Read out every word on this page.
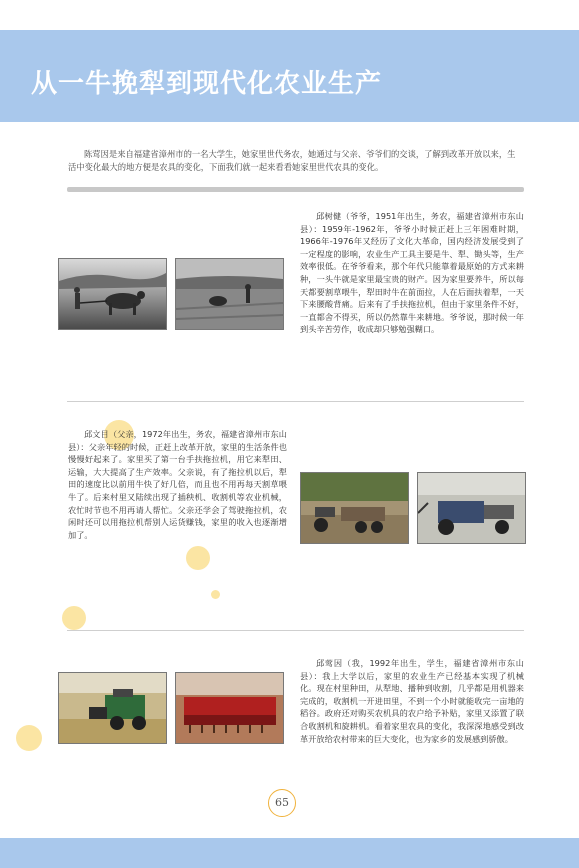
从一牛挽犁到现代化农业生产
陈莺因是来自福建省漳州市的一名大学生，她家里世代务农，她通过与父亲、爷爷们的交谈，了解到改革开放以来，生活中变化最大的地方便是农具的变化，下面我们就一起来看看她家里世代农具的变化。
邱树健（爷爷，1951年出生，务农，福建省漳州市东山县）：1959年-1962年，爷爷小时候正赶上三年困难时期，1966年-1976年又经历了文化大革命，国内经济发展受到了一定程度的影响，农业生产工具主要是牛、犁、锄头等，生产效率很低。在爷爷看来，那个年代只能靠着最原始的方式来耕种，一头牛就是家里最宝贵的财产。因为家里要养牛，所以每天都要割草喂牛，犁田时牛在前面拉，人在后面扶着犁，一天下来腰酸背痛。后来有了手扶拖拉机，但由于家里条件不好，一直都舍不得买，所以仍然靠牛来耕地。爷爷说，那时候一年到头辛苦劳作，收成却只够勉强糊口。
邱文目（父亲，1972年出生，务农，福建省漳州市东山县）：父亲年轻的时候，正赶上改革开放，家里的生活条件也慢慢好起来了。家里买了第一台手扶拖拉机，用它来犁田、运输，大大提高了生产效率。父亲说，有了拖拉机以后，犁田的速度比以前用牛快了好几倍，而且也不用再每天割草喂牛了。后来村里又陆续出现了插秧机、收割机等农业机械，农忙时节也不用再请人帮忙。父亲还学会了驾驶拖拉机，农闲时还可以用拖拉机帮别人运货赚钱，家里的收入也逐渐增加了。
邱莺因（我，1992年出生，学生，福建省漳州市东山县）：我上大学以后，家里的农业生产已经基本实现了机械化。现在村里种田，从犁地、播种到收割，几乎都是用机器来完成的，收割机一开进田里，不到一个小时就能收完一亩地的稻谷。政府还对购买农机具的农户给予补贴，家里又添置了联合收割机和旋耕机。看着家里农具的变化，我深深地感受到改革开放给农村带来的巨大变化，也为家乡的发展感到骄傲。
65
